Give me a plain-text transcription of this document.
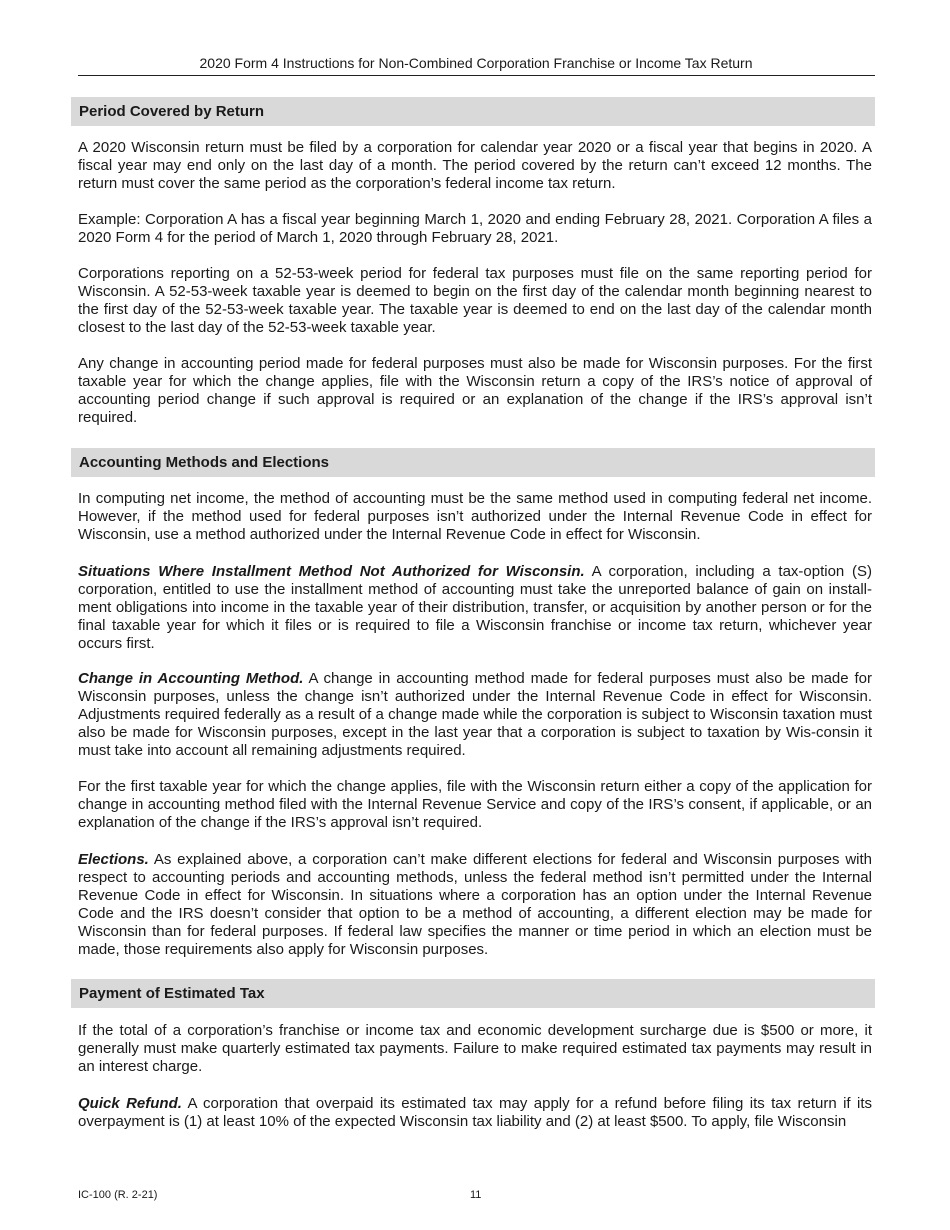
2020 Form 4 Instructions for Non-Combined Corporation Franchise or Income Tax Return
Period Covered by Return

A 2020 Wisconsin return must be filed by a corporation for calendar year 2020 or a fiscal year that begins in 2020. A fiscal year may end only on the last day of a month. The period covered by the return can’t exceed 12 months. The return must cover the same period as the corporation’s federal income tax return.

Example: Corporation A has a fiscal year beginning March 1, 2020 and ending February 28, 2021. Corporation A files a 2020 Form 4 for the period of March 1, 2020 through February 28, 2021.

Corporations reporting on a 52-53-week period for federal tax purposes must file on the same reporting period for Wisconsin. A 52-53-week taxable year is deemed to begin on the first day of the calendar month beginning nearest to the first day of the 52-53-week taxable year. The taxable year is deemed to end on the last day of the calendar month closest to the last day of the 52-53-week taxable year.

Any change in accounting period made for federal purposes must also be made for Wisconsin purposes. For the first taxable year for which the change applies, file with the Wisconsin return a copy of the IRS’s notice of approval of accounting period change if such approval is required or an explanation of the change if the IRS’s approval isn’t required.

Accounting Methods and Elections

In computing net income, the method of accounting must be the same method used in computing federal net income. However, if the method used for federal purposes isn’t authorized under the Internal Revenue Code in effect for Wisconsin, use a method authorized under the Internal Revenue Code in effect for Wisconsin.

Situations Where Installment Method Not Authorized for Wisconsin. A corporation, including a tax-option (S) corporation, entitled to use the installment method of accounting must take the unreported balance of gain on install-ment obligations into income in the taxable year of their distribution, transfer, or acquisition by another person or for the final taxable year for which it files or is required to file a Wisconsin franchise or income tax return, whichever year occurs first.

Change in Accounting Method. A change in accounting method made for federal purposes must also be made for Wisconsin purposes, unless the change isn’t authorized under the Internal Revenue Code in effect for Wisconsin. Adjustments required federally as a result of a change made while the corporation is subject to Wisconsin taxation must also be made for Wisconsin purposes, except in the last year that a corporation is subject to taxation by Wis-consin it must take into account all remaining adjustments required.

For the first taxable year for which the change applies, file with the Wisconsin return either a copy of the application for change in accounting method filed with the Internal Revenue Service and copy of the IRS’s consent, if applicable, or an explanation of the change if the IRS’s approval isn’t required.

Elections. As explained above, a corporation can’t make different elections for federal and Wisconsin purposes with respect to accounting periods and accounting methods, unless the federal method isn’t permitted under the Internal Revenue Code in effect for Wisconsin. In situations where a corporation has an option under the Internal Revenue Code and the IRS doesn’t consider that option to be a method of accounting, a different election may be made for Wisconsin than for federal purposes. If federal law specifies the manner or time period in which an election must be made, those requirements also apply for Wisconsin purposes.

Payment of Estimated Tax

If the total of a corporation’s franchise or income tax and economic development surcharge due is $500 or more, it generally must make quarterly estimated tax payments. Failure to make required estimated tax payments may result in an interest charge.

Quick Refund. A corporation that overpaid its estimated tax may apply for a refund before filing its tax return if its overpayment is (1) at least 10% of the expected Wisconsin tax liability and (2) at least $500. To apply, file Wisconsin

IC-100 (R. 2-21)	11
